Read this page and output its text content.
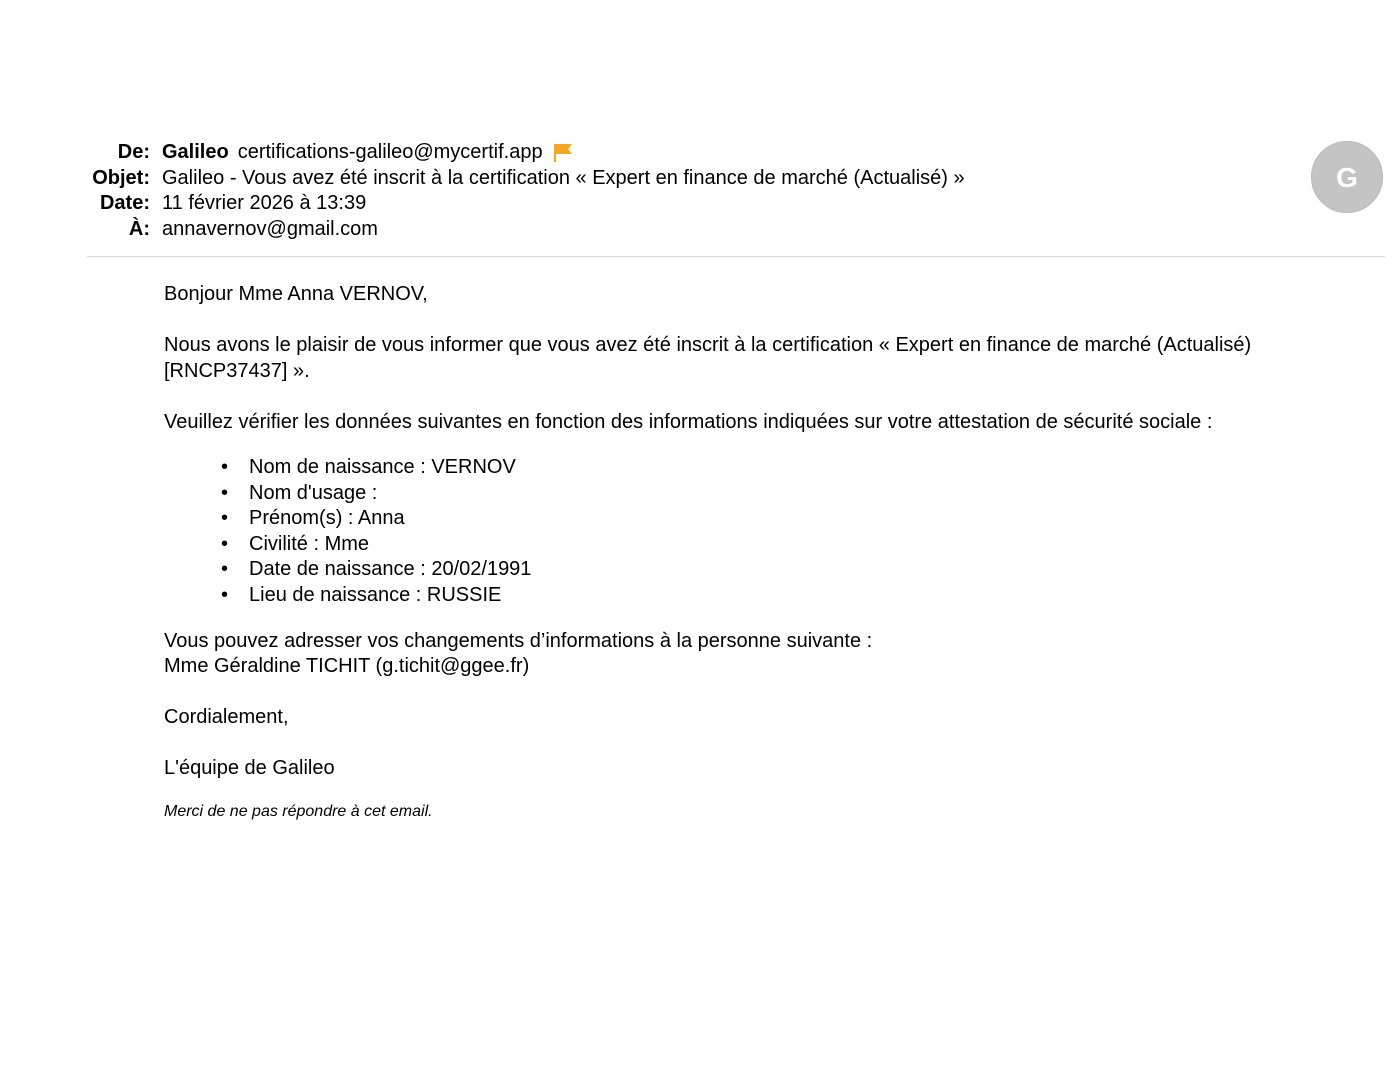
De: Galileo certifications-galileo@mycertif.app
Objet: Galileo - Vous avez été inscrit à la certification « Expert en finance de marché (Actualisé) »
Date: 11 février 2026 à 13:39
À: annavernov@gmail.com
G

Bonjour Mme Anna VERNOV,

Nous avons le plaisir de vous informer que vous avez été inscrit à la certification « Expert en finance de marché (Actualisé) [RNCP37437] ».

Veuillez vérifier les données suivantes en fonction des informations indiquées sur votre attestation de sécurité sociale :

• Nom de naissance : VERNOV
• Nom d'usage :
• Prénom(s) : Anna
• Civilité : Mme
• Date de naissance : 20/02/1991
• Lieu de naissance : RUSSIE

Vous pouvez adresser vos changements d’informations à la personne suivante :
Mme Géraldine TICHIT (g.tichit@ggee.fr)

Cordialement,

L'équipe de Galileo

Merci de ne pas répondre à cet email.
